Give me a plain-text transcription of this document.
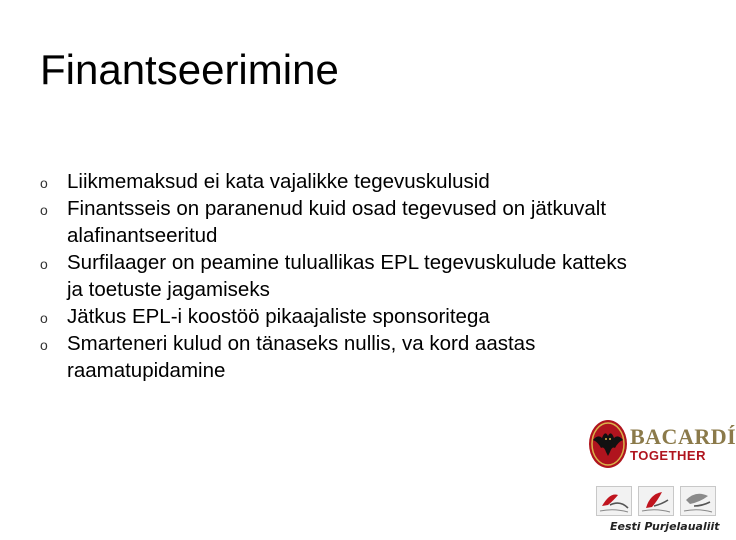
Finantseerimine
o Liikmemaksud ei kata vajalikke tegevuskulusid
o Finantsseis on paranenud kuid osad tegevused on jätkuvalt alafinantseeritud
o Surfilaager on peamine tuluallikas EPL tegevuskulude katteks ja toetuste jagamiseks
o Jätkus EPL-i koostöö pikaajaliste sponsoritega
o Smarteneri kulud on tänaseks nullis, va kord aastas raamatupidamine
BACARDÍ
TOGETHER
Eesti Purjelaualiit
